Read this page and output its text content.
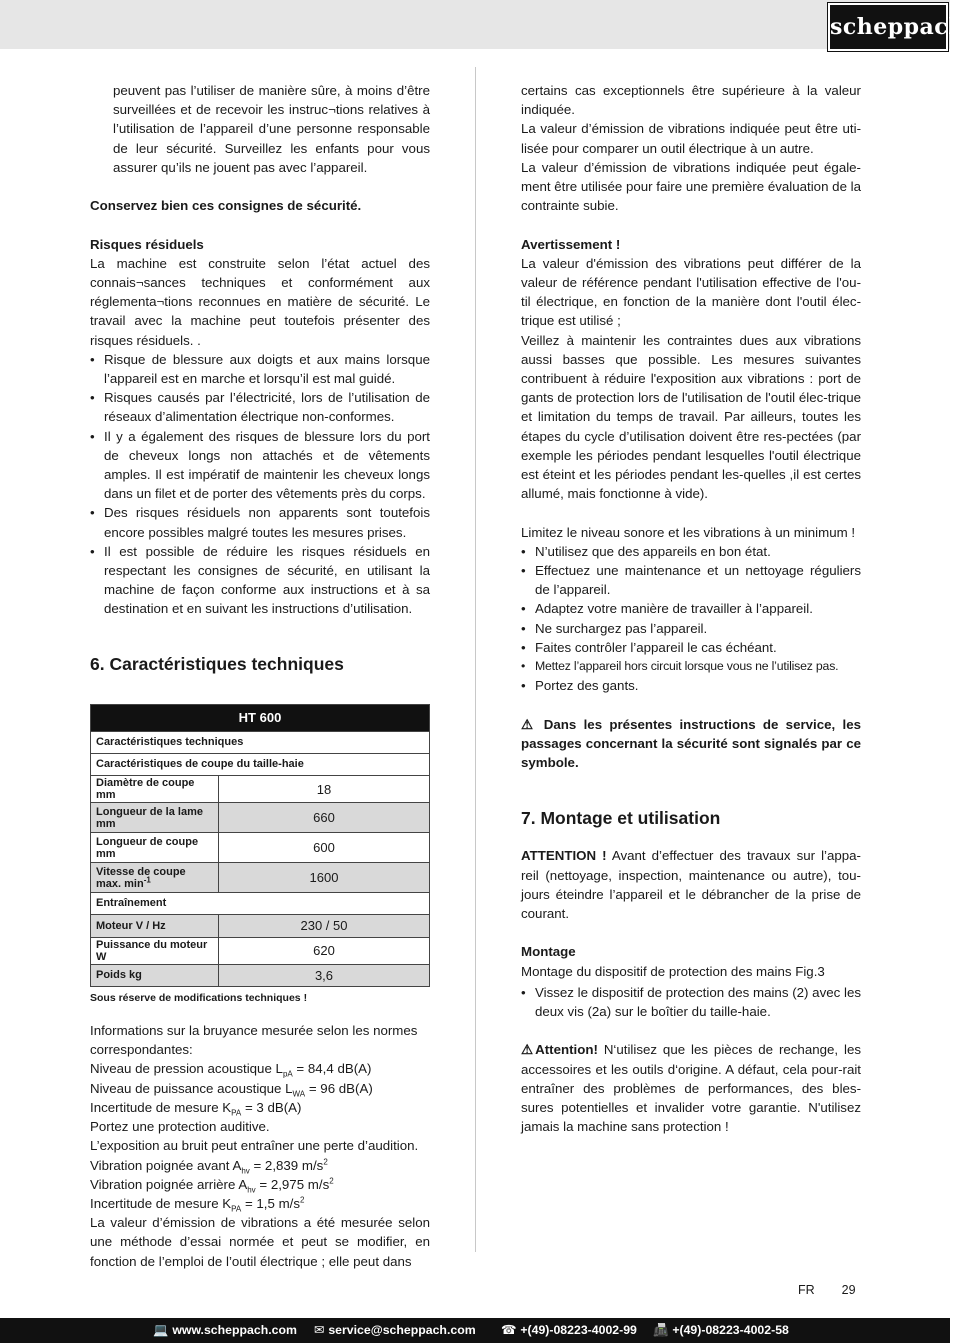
scheppach

peuvent pas l’utiliser de manière sûre, à moins d’être surveillées et de recevoir les instruc¬tions relatives à l’utilisation de l’appareil d’une personne responsable de leur sécurité. Surveillez les enfants pour vous assurer qu’ils ne jouent pas avec l’appareil.

Conservez bien ces consignes de sécurité.

Risques résiduels

La machine est construite selon l’état actuel des connais¬sances techniques et conformément aux réglementa¬tions reconnues en matière de sécurité. Le travail avec la machine peut toutefois présenter des risques résiduels. .

• Risque de blessure aux doigts et aux mains lorsque l’appareil est en marche et lorsqu’il est mal guidé.
• Risques causés par l’électricité, lors de l’utilisation de réseaux d’alimentation électrique non-conformes.
• Il y a également des risques de blessure lors du port de cheveux longs non attachés et de vêtements amples. Il est impératif de maintenir les cheveux longs dans un filet et de porter des vêtements près du corps.
• Des risques résiduels non apparents sont toutefois encore possibles malgré toutes les mesures prises.
• Il est possible de réduire les risques résiduels en respectant les consignes de sécurité, en utilisant la machine de façon conforme aux instructions et à sa destination et en suivant les instructions d’utilisation.
6. Caractéristiques techniques
HT 600	
Caractéristiques techniques	
Caractéristiques de coupe du taille-haie	
Diamètre de coupe mm	18
Longueur de la lame mm	660
Longueur de coupe mm	600
Vitesse de coupe max. $\min^{-1}$	1600
Entraînement	
Moteur V / Hz	230 / 50
Puissance du moteur W	620
Poids kg	3,6
Sous réserve de modifications techniques !

Informations sur la bruyance mesurée selon les normes correspondantes:

Niveau de pression acoustique $L_{pA} = 84,4$ dB(A)

Niveau de puissance acoustique $L_{WA} = 96$ dB(A)

Incertitude de mesure $K_{PA} = 3$ dB(A)

Portez une protection auditive.

L’exposition au bruit peut entraîner une perte d’audition.

Vibration poignée avant $A_{hv} = 2,839$ $m/s^2$

Vibration poignée arrière $A_{hv} = 2,975$ $m/s^2$

Incertitude de mesure $K_{PA} = 1,5$ $m/s^2$

La valeur d’émission de vibrations a été mesurée selon une méthode d’essai normée et peut se modifier, en fonction de l’emploi de l’outil électrique ; elle peut dans

certains cas exceptionnels être supérieure à la valeur indiquée.

La valeur d’émission de vibrations indiquée peut être uti-lisée pour comparer un outil électrique à un autre.

La valeur d’émission de vibrations indiquée peut égale-ment être utilisée pour faire une première évaluation de la contrainte subie.

Avertissement !

La valeur d'émission des vibrations peut différer de la valeur de référence pendant l'utilisation effective de l'ou-til électrique, en fonction de la manière dont l'outil élec-trique est utilisé ;

Veillez à maintenir les contraintes dues aux vibrations aussi basses que possible. Les mesures suivantes contribuent à réduire l'exposition aux vibrations : port de gants de protection lors de l'utilisation de l'outil élec-trique et limitation du temps de travail. Par ailleurs, toutes les étapes du cycle d’utilisation doivent être res-pectées (par exemple les périodes pendant lesquelles l'outil électrique est éteint et les périodes pendant les-quelles ,il est certes allumé, mais fonctionne à vide).

Limitez le niveau sonore et les vibrations à un minimum !

• N’utilisez que des appareils en bon état.
• Effectuez une maintenance et un nettoyage réguliers de l’appareil.
• Adaptez votre manière de travailler à l’appareil.
• Ne surchargez pas l’appareil.
• Faites contrôler l’appareil le cas échéant.
• Mettez l’appareil hors circuit lorsque vous ne l’utilisez pas.
• Portez des gants.

⚠ Dans les présentes instructions de service, les passages concernant la sécurité sont signalés par ce symbole.

7. Montage et utilisation

ATTENTION ! Avant d’effectuer des travaux sur l’appa-reil (nettoyage, inspection, maintenance ou autre), tou-jours éteindre l’appareil et le débrancher de la prise de courant.

Montage

Montage du dispositif de protection des mains Fig.3

• Vissez le dispositif de protection des mains (2) avec les deux vis (2a) sur le boîtier du taille-haie.

⚠Attention! N‘utilisez que les pièces de rechange, les accessoires et les outils d‘origine. A défaut, cela pour-rait entraîner des problèmes de performances, des bles-sures potentielles et invalider votre garantie. N'utilisez jamais la machine sans protection !

FR 29
💻 www.scheppach.com ✉ service@scheppach.com ☎ +(49)-08223-4002-99 📠 +(49)-08223-4002-58
